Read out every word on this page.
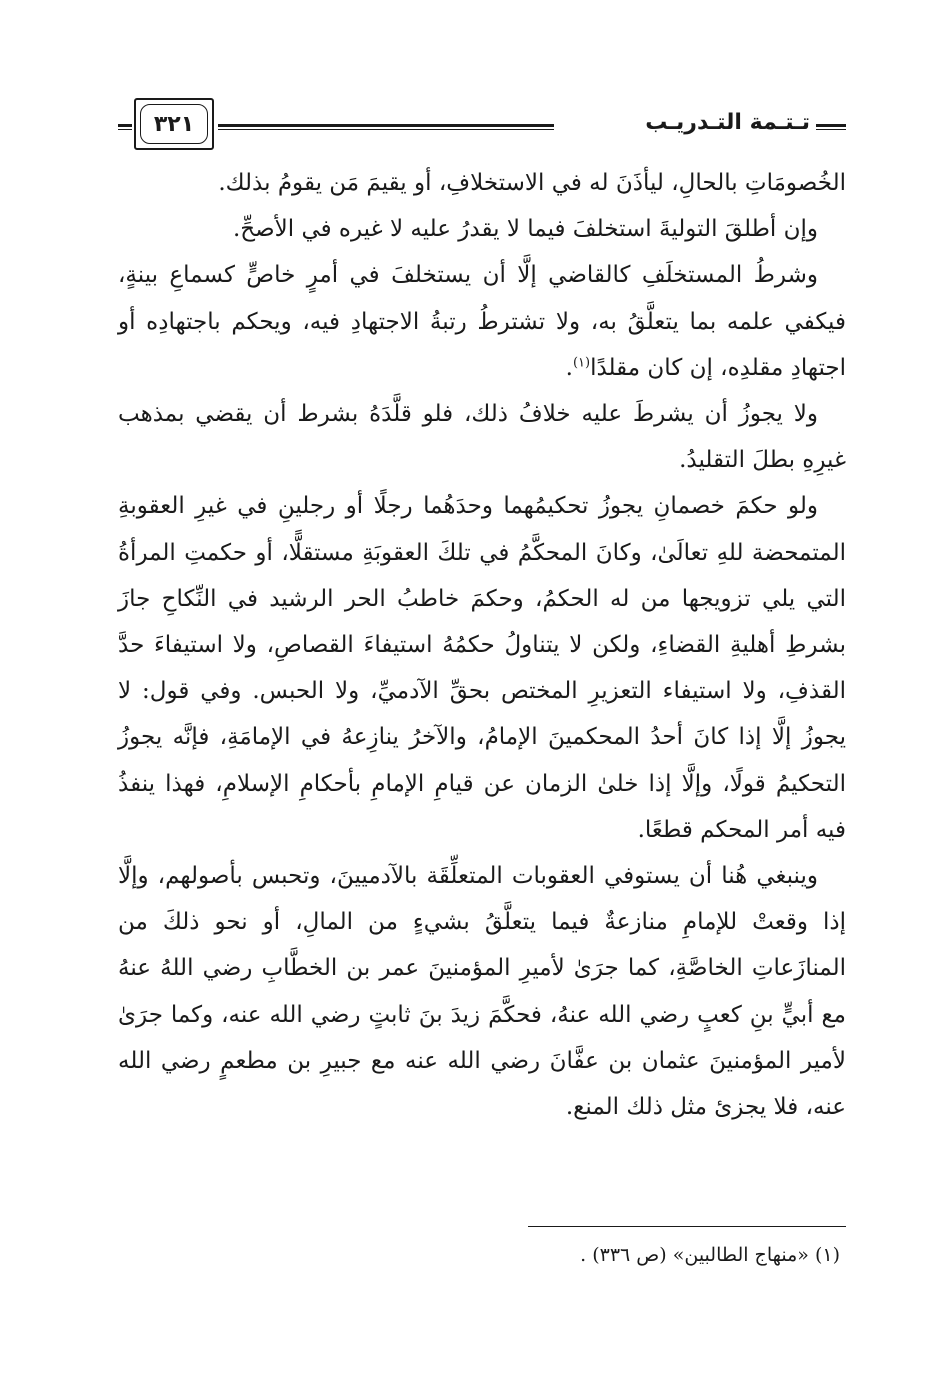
٣٢١	تـتـمة التـدريـب

الخُصومَاتِ بالحالِ، ليأذَنَ له في الاستخلافِ، أو يقيمَ مَن يقومُ بذلك.

وإن أطلقَ التوليةَ استخلفَ فيما لا يقدرُ عليه لا غيره في الأصحِّ.

وشرطُ المستخلَفِ كالقاضي إلَّا أن يستخلفَ في أمرٍ خاصٍّ كسماعِ بينةٍ، فيكفي علمه بما يتعلَّقُ به، ولا تشترطُ رتبةُ الاجتهادِ فيه، ويحكم باجتهادِه أو اجتهادِ مقلدِه، إن كان مقلدًا$^{(١)}$.

ولا يجوزُ أن يشرطَ عليه خلافُ ذلك، فلو قلَّدَهُ بشرط أن يقضي بمذهب غيرِهِ بطلَ التقليدُ.

ولو حكمَ خصمانِ يجوزُ تحكيمُهما وحدَهُما رجلًا أو رجلينِ في غيرِ العقوبةِ المتمحضة للهِ تعالَىٰ، وكانَ المحكَّمُ في تلكَ العقوبَةِ مستقلًّا، أو حكمتِ المرأةُ التي يلي تزويجها من له الحكمُ، وحكمَ خاطبُ الحر الرشيد في النِّكاحِ جازَ بشرطِ أهليةِ القضاءِ، ولكن لا يتناولُ حكمُهُ استيفاءَ القصاصِ، ولا استيفاءَ حدَّ القذفِ، ولا استيفاء التعزيرِ المختص بحقِّ الآدميِّ، ولا الحبس. وفي قول: لا يجوزُ إلَّا إذا كانَ أحدُ المحكمينَ الإمامُ، والآخرُ ينازِعهُ في الإمامَةِ، فإنَّه يجوزُ التحكيمُ قولًا، وإلَّا إذا خلىٰ الزمان عن قيامِ الإمامِ بأحكامِ الإسلامِ، فهذا ينفذُ فيه أمر المحكم قطعًا.

وينبغي هُنا أن يستوفي العقوبات المتعلِّقَة بالآدميينَ، وتحبس بأصولهم، وإلَّا إذا وقعتْ للإمامِ منازعةٌ فيما يتعلَّقُ بشيءٍ من المالِ، أو نحو ذلكَ من المنازَعاتِ الخاصَّةِ، كما جرَىٰ لأميرِ المؤمنينَ عمر بن الخطَّابِ رضي اللهُ عنهُ مع أبيٍّ بنِ كعبٍ رضي الله عنهُ، فحكَّمَ زيدَ بنَ ثابتٍ رضي الله عنه، وكما جرَىٰ لأمير المؤمنينَ عثمان بن عفَّانَ رضي الله عنه مع جبيرِ بن مطعمٍ رضي الله عنه، فلا يجزئ مثل ذلك المنع.

(١) «منهاج الطالبين» (ص ٣٣٦) .
